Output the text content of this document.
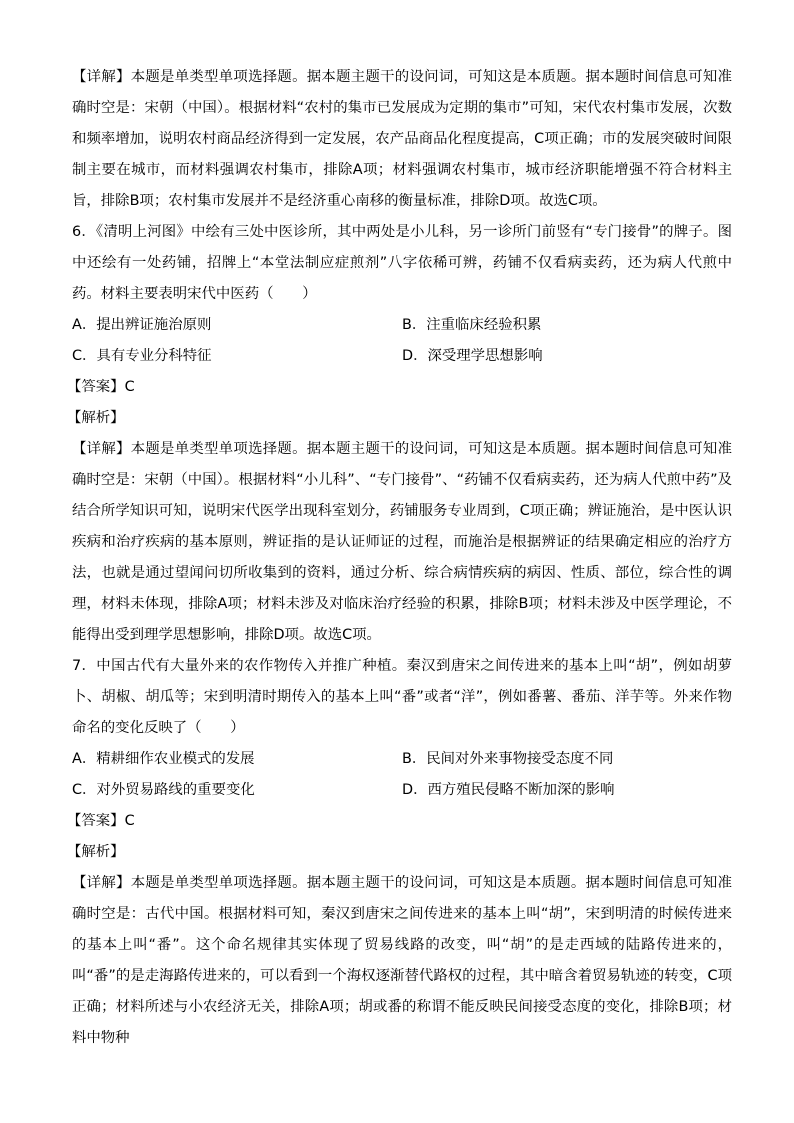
【详解】本题是单类型单项选择题。据本题主题干的设问词，可知这是本质题。据本题时间信息可知准确时空是：宋朝（中国）。根据材料“农村的集市已发展成为定期的集市”可知，宋代农村集市发展，次数和频率增加，说明农村商品经济得到一定发展，农产品商品化程度提高，C项正确；市的发展突破时间限制主要在城市，而材料强调农村集市，排除A项；材料强调农村集市，城市经济职能增强不符合材料主旨，排除B项；农村集市发展并不是经济重心南移的衡量标准，排除D项。故选C项。

6．《清明上河图》中绘有三处中医诊所，其中两处是小儿科，另一诊所门前竖有“专门接骨”的牌子。图中还绘有一处药铺，招牌上“本堂法制应症煎剂”八字依稀可辨，药铺不仅看病卖药，还为病人代煎中药。材料主要表明宋代中医药（　　）

A．提出辨证施治原则	B．注重临床经验积累
C．具有专业分科特征	D．深受理学思想影响

【答案】C

【解析】

【详解】本题是单类型单项选择题。据本题主题干的设问词，可知这是本质题。据本题时间信息可知准确时空是：宋朝（中国）。根据材料“小儿科”、“专门接骨”、“药铺不仅看病卖药，还为病人代煎中药”及结合所学知识可知，说明宋代医学出现科室划分，药铺服务专业周到，C项正确；辨证施治，是中医认识疾病和治疗疾病的基本原则，辨证指的是认证师证的过程，而施治是根据辨证的结果确定相应的治疗方法，也就是通过望闻问切所收集到的资料，通过分析、综合病情疾病的病因、性质、部位，综合性的调理，材料未体现，排除A项；材料未涉及对临床治疗经验的积累，排除B项；材料未涉及中医学理论，不能得出受到理学思想影响，排除D项。故选C项。

7．中国古代有大量外来的农作物传入并推广种植。秦汉到唐宋之间传进来的基本上叫“胡”，例如胡萝卜、胡椒、胡瓜等；宋到明清时期传入的基本上叫“番”或者“洋”，例如番薯、番茄、洋芋等。外来作物命名的变化反映了（　　）

A．精耕细作农业模式的发展	B．民间对外来事物接受态度不同
C．对外贸易路线的重要变化	D．西方殖民侵略不断加深的影响

【答案】C

【解析】

【详解】本题是单类型单项选择题。据本题主题干的设问词，可知这是本质题。据本题时间信息可知准确时空是：古代中国。根据材料可知，秦汉到唐宋之间传进来的基本上叫“胡”，宋到明清的时候传进来的基本上叫“番”。这个命名规律其实体现了贸易线路的改变，叫“胡”的是走西域的陆路传进来的，叫“番”的是走海路传进来的，可以看到一个海权逐渐替代路权的过程，其中暗含着贸易轨迹的转变，C项正确；材料所述与小农经济无关，排除A项；胡或番的称谓不能反映民间接受态度的变化，排除B项；材料中物种
